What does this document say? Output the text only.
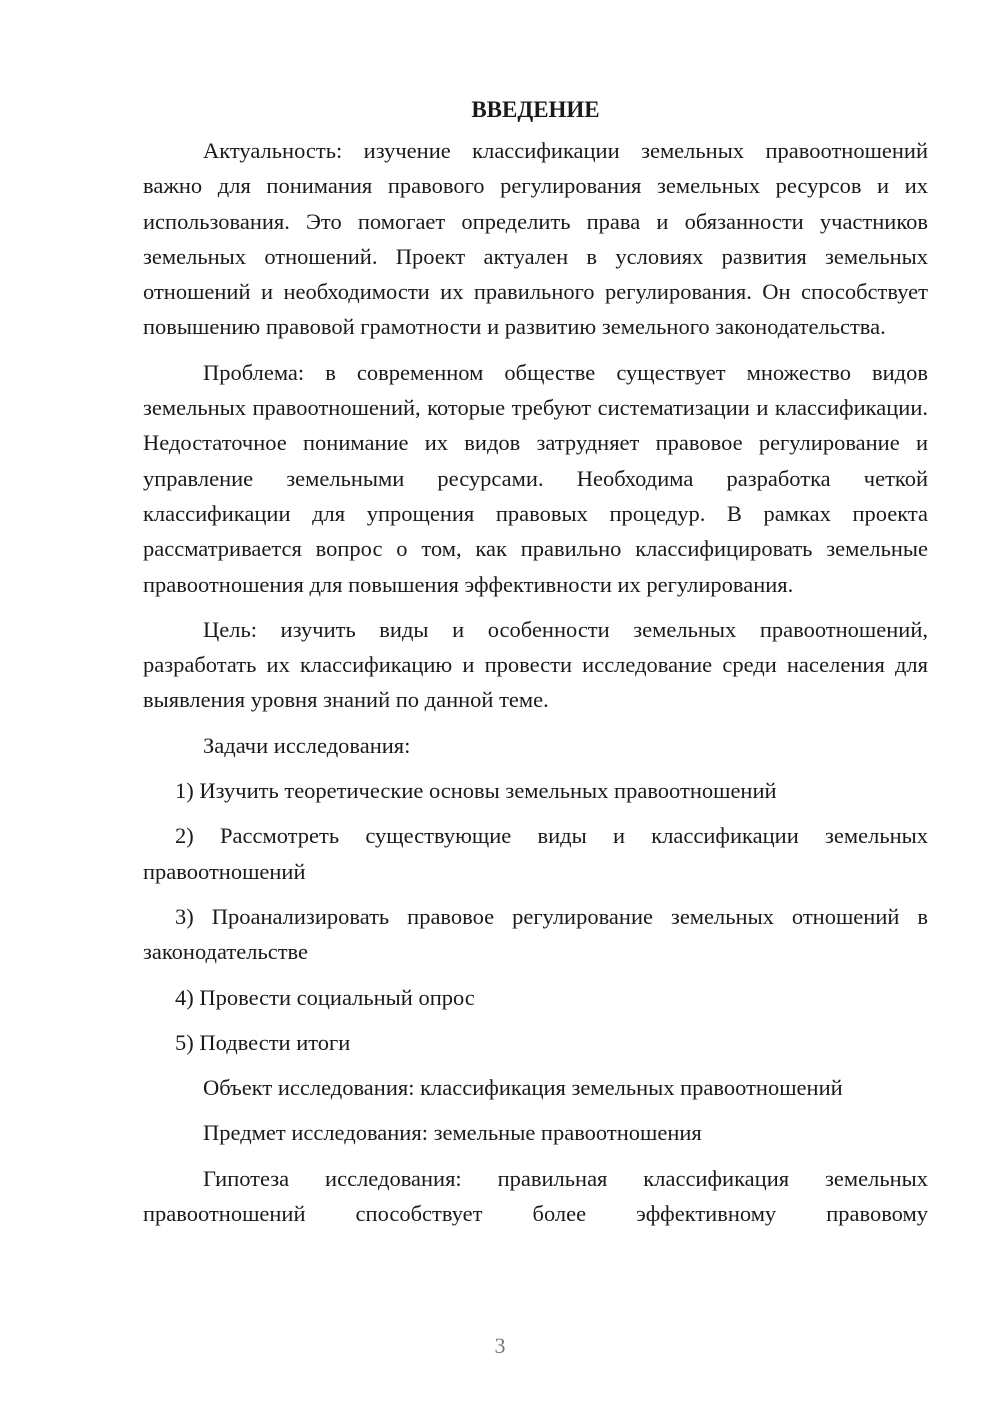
ВВЕДЕНИЕ

Актуальность: изучение классификации земельных правоотношений важно для понимания правового регулирования земельных ресурсов и их использования. Это помогает определить права и обязанности участников земельных отношений. Проект актуален в условиях развития земельных отношений и необходимости их правильного регулирования. Он способствует повышению правовой грамотности и развитию земельного законодательства.

Проблема: в современном обществе существует множество видов земельных правоотношений, которые требуют систематизации и классификации. Недостаточное понимание их видов затрудняет правовое регулирование и управление земельными ресурсами. Необходима разработка четкой классификации для упрощения правовых процедур. В рамках проекта рассматривается вопрос о том, как правильно классифицировать земельные правоотношения для повышения эффективности их регулирования.

Цель: изучить виды и особенности земельных правоотношений, разработать их классификацию и провести исследование среди населения для выявления уровня знаний по данной теме.

Задачи исследования:

1) Изучить теоретические основы земельных правоотношений

2) Рассмотреть существующие виды и классификации земельных правоотношений

3) Проанализировать правовое регулирование земельных отношений в законодательстве

4) Провести социальный опрос

5) Подвести итоги

Объект исследования: классификация земельных правоотношений

Предмет исследования: земельные правоотношения

Гипотеза исследования: правильная классификация земельных правоотношений способствует более эффективному правовому

3
